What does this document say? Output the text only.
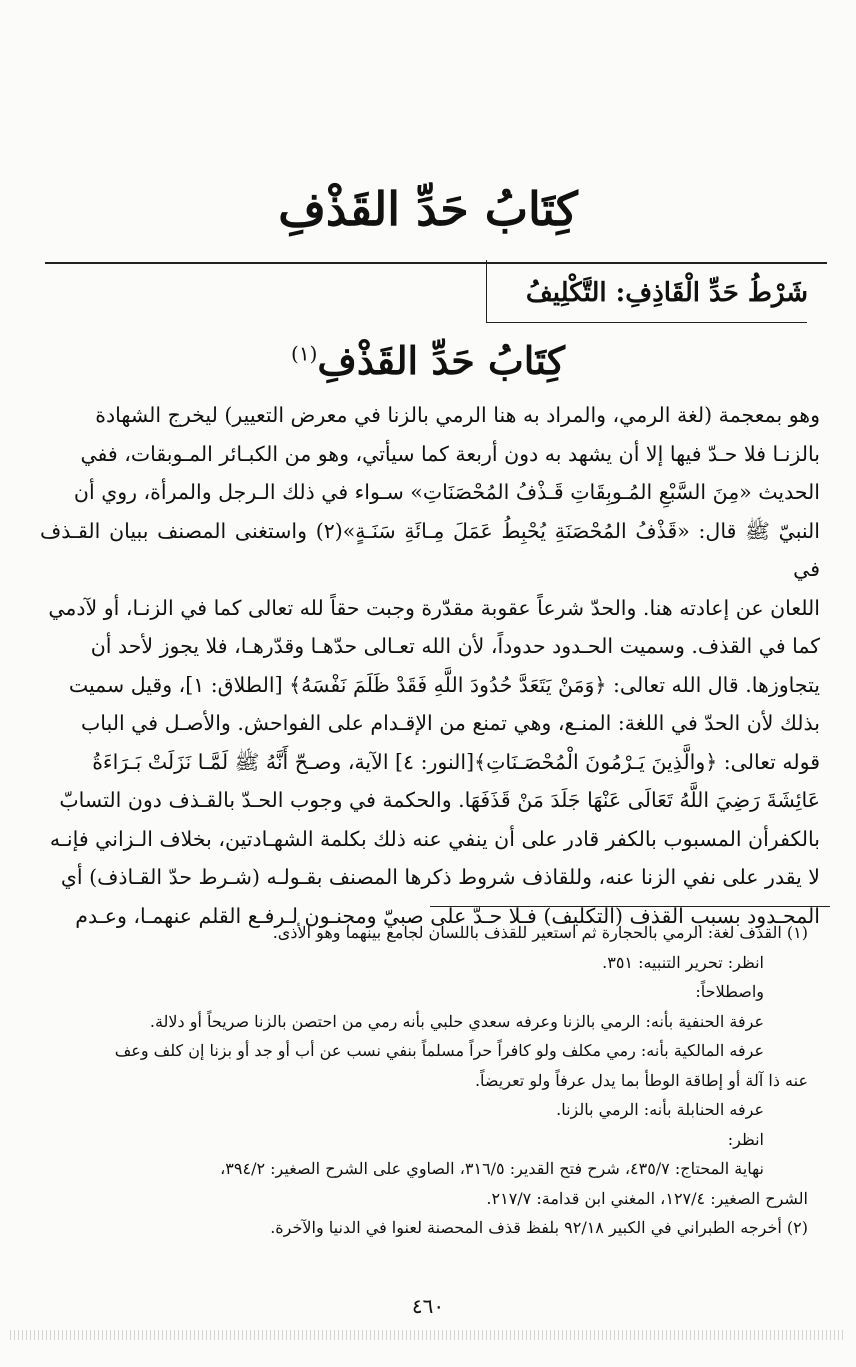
كِتَابُ حَدِّ القَذْفِ
شَرْطُ حَدِّ الْقَاذِفِ: التَّكْلِيفُ
كِتَابُ حَدِّ القَذْفِ$^{(١)}$

وهو بمعجمة (لغة الرمي، والمراد به هنا الرمي بالزنا في معرض التعيير) ليخرج الشهادة

بالزنـا فلا حـدّ فيها إلا أن يشهد به دون أربعة كما سيأتي، وهو من الكبـائر المـوبقات، ففي

الحديث «مِنَ السَّبْعِ المُـوبِقَاتِ قَـذْفُ المُحْصَنَاتِ» سـواء في ذلك الـرجل والمرأة، روي أن

النبيّ ﷺ قال: «قَذْفُ المُحْصَنَةِ يُحْبِطُ عَمَلَ مِـائَةِ سَنَـةٍ»(٢) واستغنى المصنف ببيان القـذف في

اللعان عن إعادته هنا. والحدّ شرعاً عقوبة مقدّرة وجبت حقاً لله تعالى كما في الزنـا، أو لآدمي

كما في القذف. وسميت الحـدود حدوداً، لأن الله تعـالى حدّهـا وقدّرهـا، فلا يجوز لأحد أن

يتجاوزها. قال الله تعالى: ﴿وَمَنْ يَتَعَدَّ حُدُودَ اللَّهِ فَقَدْ ظَلَمَ نَفْسَهُ﴾ [الطلاق: ١]، وقيل سميت

بذلك لأن الحدّ في اللغة: المنـع، وهي تمنع من الإقـدام على الفواحش. والأصـل في الباب

قوله تعالى: ﴿والَّذِينَ يَـرْمُونَ الْمُحْصَـنَاتِ﴾[النور: ٤] الآية، وصـحّ أَنَّهُ ﷺ لَمَّـا نَزَلَتْ بَـرَاءَةُ

عَائِشَةَ رَضِيَ اللَّهُ تَعَالَى عَنْهَا جَلَدَ مَنْ قَذَفَهَا. والحكمة في وجوب الحـدّ بالقـذف دون التسابّ

بالكفرأن المسبوب بالكفر قادر على أن ينفي عنه ذلك بكلمة الشهـادتين، بخلاف الـزاني فإنـه

لا يقدر على نفي الزنا عنه، وللقاذف شروط ذكرها المصنف بقـولـه (شـرط حدّ القـاذف) أي

المحـدود بسبب القذف (التكليف) فـلا حـدّ على صبيّ ومجنـون لـرفـع القلم عنهمـا، وعـدم

(١) القذف لغة: الرمي بالحجارة ثم استعير للقذف باللسان لجامع بينهما وهو الأذى.

انظر: تحرير التنبيه: ٣٥١.

واصطلاحاً:

عرفة الحنفية بأنه: الرمي بالزنا وعرفه سعدي حلبي بأنه رمي من احتصن بالزنا صريحاً أو دلالة.

عرفه المالكية بأنه: رمي مكلف ولو كافراً حراً مسلماً بنفي نسب عن أب أو جد أو بزنا إن كلف وعف

عنه ذا آلة أو إطاقة الوطأ بما يدل عرفاً ولو تعريضاً.

عرفه الحنابلة بأنه: الرمي بالزنا.

انظر:

نهاية المحتاج: ٤٣٥/٧، شرح فتح القدير: ٣١٦/٥، الصاوي على الشرح الصغير: ٣٩٤/٢،

الشرح الصغير: ١٢٧/٤، المغني ابن قدامة: ٢١٧/٧.

(٢) أخرجه الطبراني في الكبير ٩٢/١٨ بلفظ قذف المحصنة لعنوا في الدنيا والآخرة.

٤٦٠
